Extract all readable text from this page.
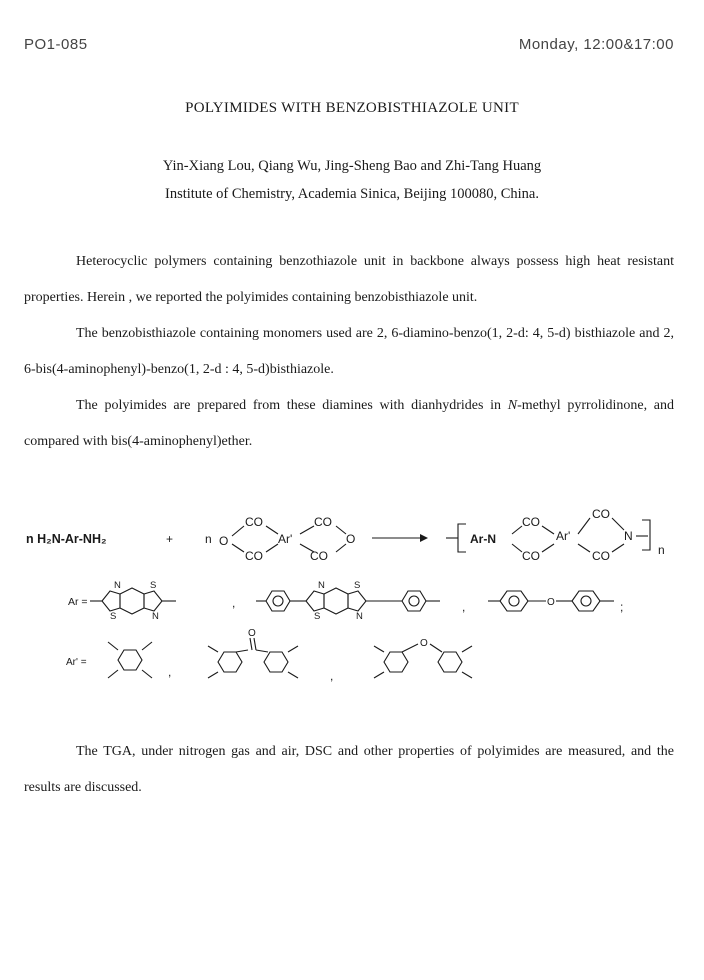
PO1-085	Monday, 12:00&17:00
POLYIMIDES WITH BENZOBISTHIAZOLE UNIT
Yin-Xiang Lou, Qiang Wu, Jing-Sheng Bao and Zhi-Tang Huang
Institute of Chemistry, Academia Sinica, Beijing 100080, China.
Heterocyclic polymers containing benzothiazole unit in backbone always possess high heat resistant properties. Herein , we reported the polyimides containing benzobisthiazole unit.
The benzobisthiazole containing monomers used are 2, 6-diamino-benzo(1, 2-d: 4, 5-d) bisthiazole and 2, 6-bis(4-aminophenyl)-benzo(1, 2-d : 4, 5-d)bisthiazole.
The polyimides are prepared from these diamines with dianhydrides in N-methyl pyrrolidinone, and compared with bis(4-aminophenyl)ether.
n H₂N-Ar-NH₂	+	n O
CO
CO
Ar'
CO
CO
O	Ar-N
CO
CO
Ar'
CO
CO
N
n
Ar =
N
S
S
N
,
N
S
S
N
,	O	;
Ar' =
,
O
,
O
The TGA, under nitrogen gas and air, DSC and other properties of polyimides are measured, and the results are discussed.
